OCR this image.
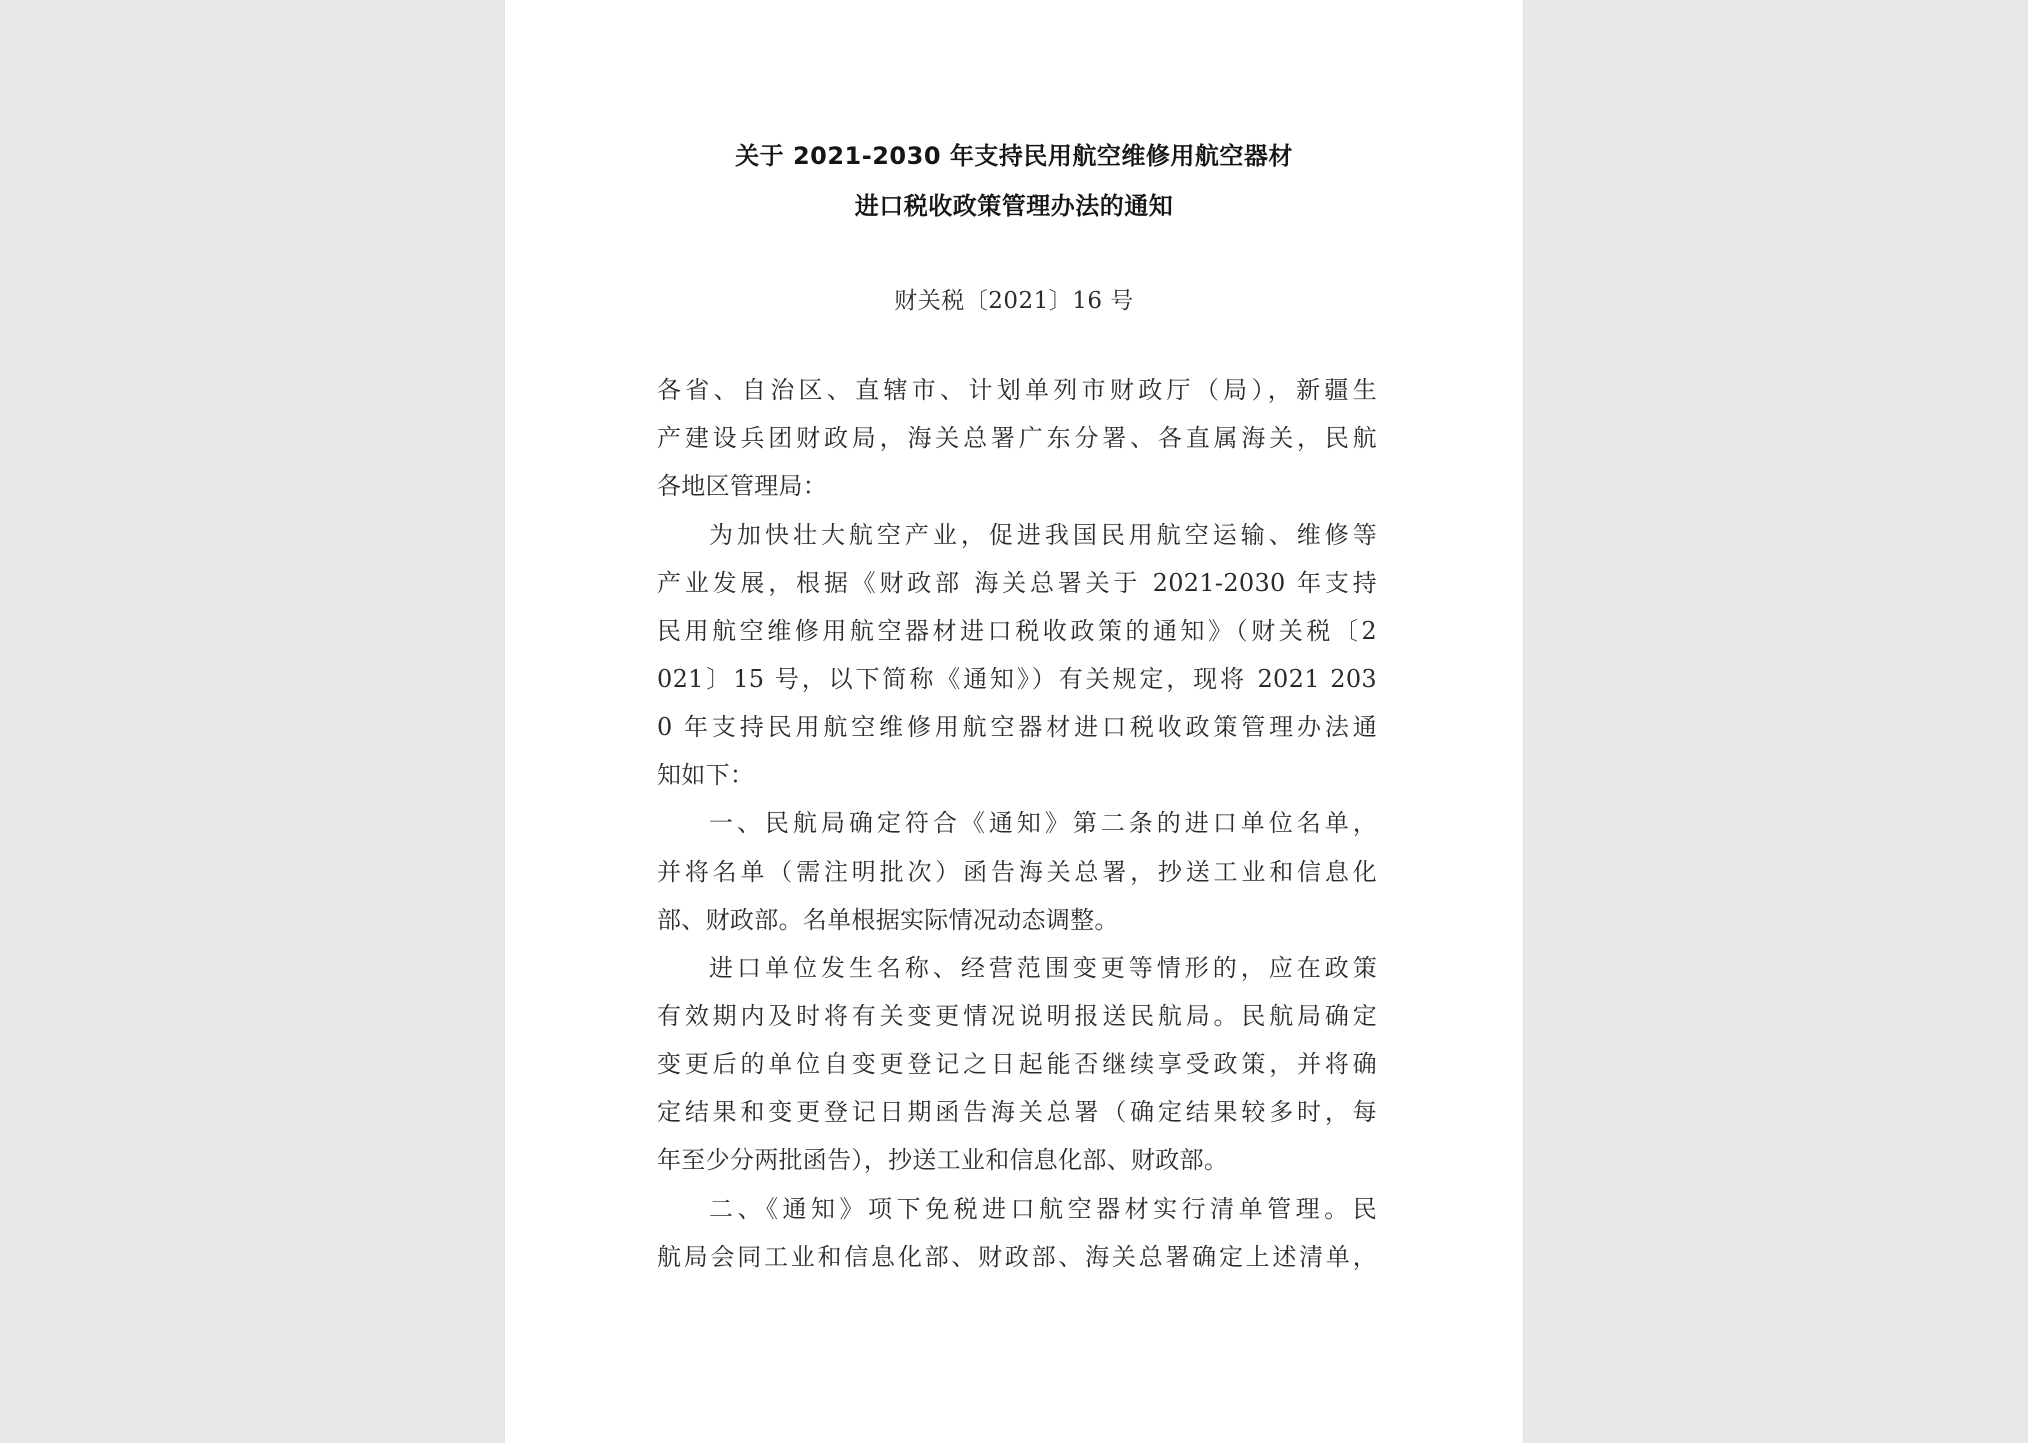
关于 2021-2030 年支持民用航空维修用航空器材
进口税收政策管理办法的通知
财关税〔2021〕16 号
各省、自治区、直辖市、计划单列市财政厅（局），新疆生
产建设兵团财政局，海关总署广东分署、各直属海关，民航
各地区管理局：
为加快壮大航空产业，促进我国民用航空运输、维修等
产业发展，根据《财政部 海关总署关于 2021-2030 年支持
民用航空维修用航空器材进口税收政策的通知》（财关税〔2
021〕15 号，以下简称《通知》）有关规定，现将 2021 203
0 年支持民用航空维修用航空器材进口税收政策管理办法通
知如下：
一、民航局确定符合《通知》第二条的进口单位名单，
并将名单（需注明批次）函告海关总署，抄送工业和信息化
部、财政部。名单根据实际情况动态调整。
进口单位发生名称、经营范围变更等情形的，应在政策
有效期内及时将有关变更情况说明报送民航局。民航局确定
变更后的单位自变更登记之日起能否继续享受政策，并将确
定结果和变更登记日期函告海关总署（确定结果较多时，每
年至少分两批函告），抄送工业和信息化部、财政部。
二、《通知》项下免税进口航空器材实行清单管理。民
航局会同工业和信息化部、财政部、海关总署确定上述清单，
